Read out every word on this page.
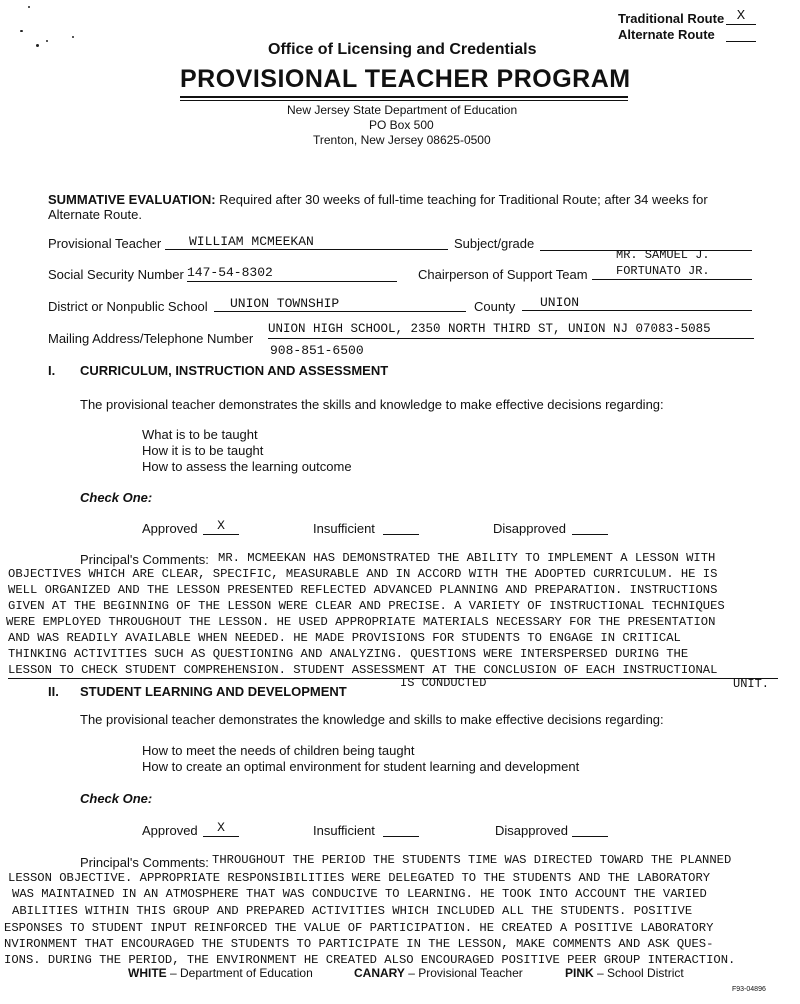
Traditional Route X
Alternate Route
Office of Licensing and Credentials
PROVISIONAL TEACHER PROGRAM
New Jersey State Department of Education
PO Box 500
Trenton, New Jersey 08625-0500
SUMMATIVE EVALUATION: Required after 30 weeks of full-time teaching for Traditional Route; after 34 weeks for
Alternate Route.
Provisional Teacher	WILLIAM MCMEEKAN	Subject/grade
Social Security Number 147-54-8302	Chairperson of Support Team
MR. SAMUEL J.
FORTUNATO JR.
District or Nonpublic School	UNION TOWNSHIP	County	UNION
Mailing Address/Telephone Number
UNION HIGH SCHOOL, 2350 NORTH THIRD ST, UNION NJ 07083-5085
908-851-6500
I. CURRICULUM, INSTRUCTION AND ASSESSMENT
The provisional teacher demonstrates the skills and knowledge to make effective decisions regarding:
What is to be taught
How it is to be taught
How to assess the learning outcome
Check One:
Approved	X	Insufficient	Disapproved
Principal's Comments: MR. MCMEEKAN HAS DEMONSTRATED THE ABILITY TO IMPLEMENT A LESSON WITH
OBJECTIVES WHICH ARE CLEAR, SPECIFIC, MEASURABLE AND IN ACCORD WITH THE ADOPTED CURRICULUM. HE IS
WELL ORGANIZED AND THE LESSON PRESENTED REFLECTED ADVANCED PLANNING AND PREPARATION. INSTRUCTIONS
GIVEN AT THE BEGINNING OF THE LESSON WERE CLEAR AND PRECISE. A VARIETY OF INSTRUCTIONAL TECHNIQUES
WERE EMPLOYED THROUGHOUT THE LESSON. HE USED APPROPRIATE MATERIALS NECESSARY FOR THE PRESENTATION
AND WAS READILY AVAILABLE WHEN NEEDED. HE MADE PROVISIONS FOR STUDENTS TO ENGAGE IN CRITICAL
THINKING ACTIVITIES SUCH AS QUESTIONING AND ANALYZING. QUESTIONS WERE INTERSPERSED DURING THE
LESSON TO CHECK STUDENT COMPREHENSION. STUDENT ASSESSMENT AT THE CONCLUSION OF EACH INSTRUCTIONAL
IS CONDUCTED	UNIT.
II. STUDENT LEARNING AND DEVELOPMENT
The provisional teacher demonstrates the knowledge and skills to make effective decisions regarding:
How to meet the needs of children being taught
How to create an optimal environment for student learning and development
Check One:
Approved	X	Insufficient	Disapproved
Principal's Comments: THROUGHOUT THE PERIOD THE STUDENTS TIME WAS DIRECTED TOWARD THE PLANNED
LESSON OBJECTIVE. APPROPRIATE RESPONSIBILITIES WERE DELEGATED TO THE STUDENTS AND THE LABORATORY
WAS MAINTAINED IN AN ATMOSPHERE THAT WAS CONDUCIVE TO LEARNING. HE TOOK INTO ACCOUNT THE VARIED
ABILITIES WITHIN THIS GROUP AND PREPARED ACTIVITIES WHICH INCLUDED ALL THE STUDENTS. POSITIVE
ESPONSES TO STUDENT INPUT REINFORCED THE VALUE OF PARTICIPATION. HE CREATED A POSITIVE LABORATORY
NVIRONMENT THAT ENCOURAGED THE STUDENTS TO PARTICIPATE IN THE LESSON, MAKE COMMENTS AND ASK QUES-
IONS. DURING THE PERIOD, THE ENVIRONMENT HE CREATED ALSO ENCOURAGED POSITIVE PEER GROUP INTERACTION.
WHITE – Department of Education	CANARY – Provisional Teacher	PINK – School District
F93-04896
